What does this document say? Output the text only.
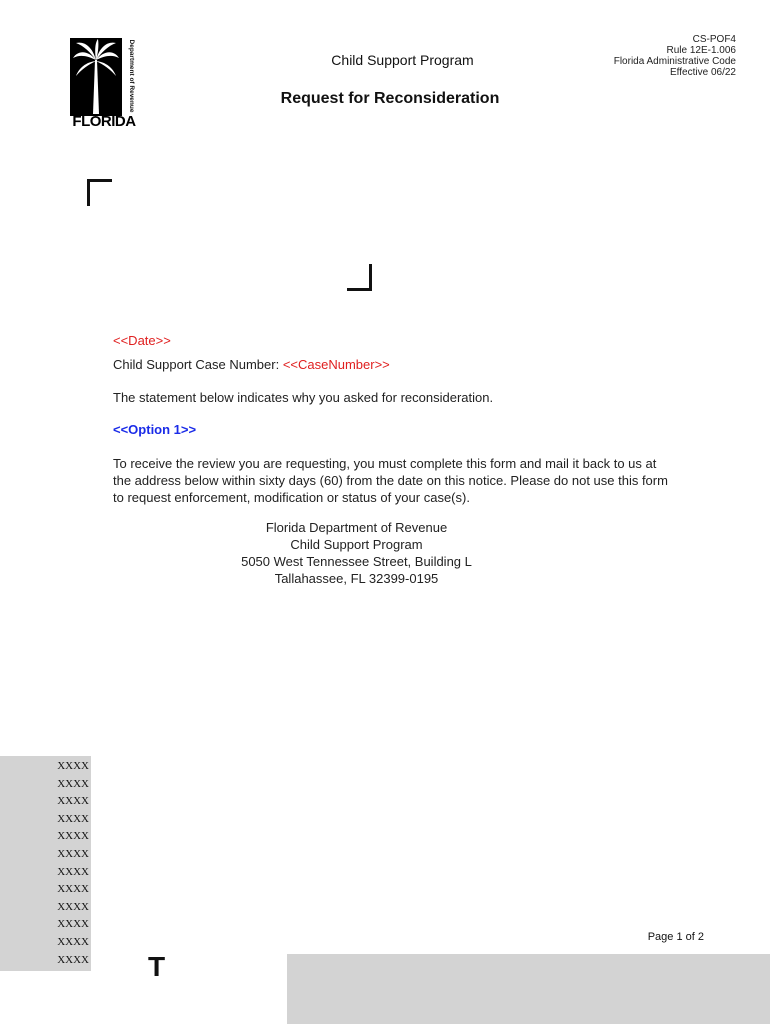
Department of Revenue
FLORIDA
CS-POF4
Rule 12E-1.006
Florida Administrative Code
Effective 06/22
Child Support Program
Request for Reconsideration
<<Date>>
Child Support Case Number: <<CaseNumber>>
The statement below indicates why you asked for reconsideration.
<<Option 1>>
To receive the review you are requesting, you must complete this form and mail it back to us at the address below within sixty days (60) from the date on this notice. Please do not use this form to request enforcement, modification or status of your case(s).
Florida Department of Revenue
Child Support Program
5050 West Tennessee Street, Building L
Tallahassee, FL 32399-0195
XXXX
XXXX
XXXX
XXXX
XXXX
XXXX
XXXX
XXXX
XXXX
XXXX
XXXX
XXXX
Page 1 of 2
T
